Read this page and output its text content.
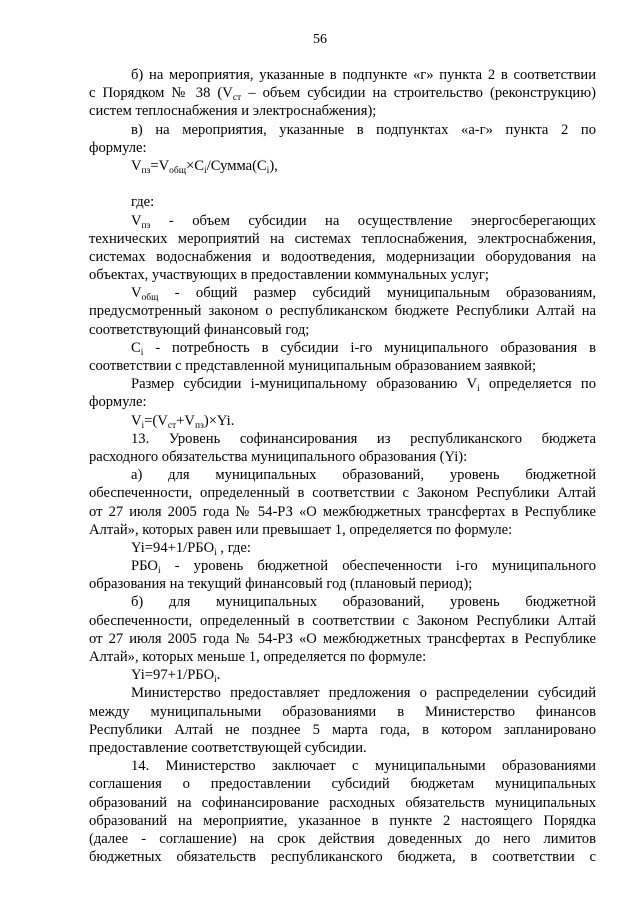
56
б) на мероприятия, указанные в подпункте «г» пункта 2 в соответствии
с Порядком № 38 ($V_{ст}$ – объем субсидии на строительство (реконструкцию)
систем теплоснабжения и электроснабжения);
в) на мероприятия, указанные в подпунктах «а-г» пункта 2 по
формуле:
$V_{пз}=V_{общ}\times C_i/Сумма(C_i)$,
где:
$V_{пз}$ - объем субсидии на осуществление энергосберегающих
технических мероприятий на системах теплоснабжения, электроснабжения,
системах водоснабжения и водоотведения, модернизации оборудования на
объектах, участвующих в предоставлении коммунальных услуг;
$V_{общ}$ - общий размер субсидий муниципальным образованиям,
предусмотренный законом о республиканском бюджете Республики Алтай на
соответствующий финансовый год;
$C_i$ - потребность в субсидии i-го муниципального образования в
соответствии с представленной муниципальным образованием заявкой;
Размер субсидии i-муниципальному образованию $V_i$ определяется по
формуле:
$V_i=(V_{ст}+V_{пз})\times Yi$.
13. Уровень софинансирования из республиканского бюджета
расходного обязательства муниципального образования (Yi):
а) для муниципальных образований, уровень бюджетной
обеспеченности, определенный в соответствии с Законом Республики Алтай
от 27 июля 2005 года № 54-РЗ «О межбюджетных трансфертах в Республике
Алтай», которых равен или превышает 1, определяется по формуле:
$Yi=94+1/РБО_i$ , где:
$РБО_i$ - уровень бюджетной обеспеченности i-го муниципального
образования на текущий финансовый год (плановый период);
б) для муниципальных образований, уровень бюджетной
обеспеченности, определенный в соответствии с Законом Республики Алтай
от 27 июля 2005 года № 54-РЗ «О межбюджетных трансфертах в Республике
Алтай», которых меньше 1, определяется по формуле:
$Yi=97+1/РБО_i$.
Министерство предоставляет предложения о распределении субсидий
между муниципальными образованиями в Министерство финансов
Республики Алтай не позднее 5 марта года, в котором запланировано
предоставление соответствующей субсидии.
14. Министерство заключает с муниципальными образованиями
соглашения о предоставлении субсидий бюджетам муниципальных
образований на софинансирование расходных обязательств муниципальных
образований на мероприятие, указанное в пункте 2 настоящего Порядка
(далее - соглашение) на срок действия доведенных до него лимитов
бюджетных обязательств республиканского бюджета, в соответствии с
